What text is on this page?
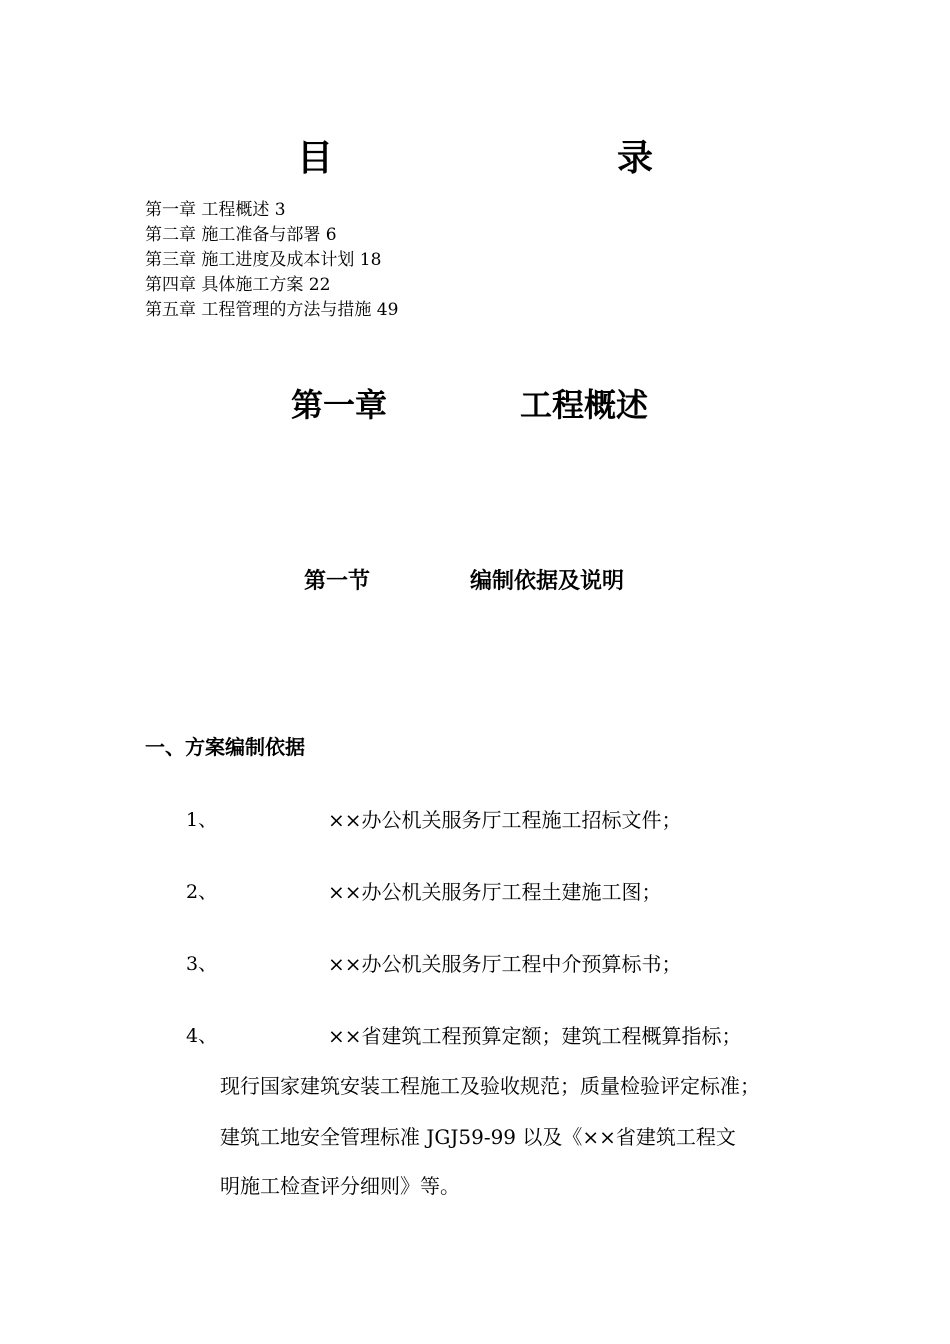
目	录
第一章 工程概述 3
第二章 施工准备与部署 6
第三章 施工进度及成本计划 18
第四章 具体施工方案 22
第五章 工程管理的方法与措施 49
第一章	工程概述
第一节	编制依据及说明
一、方案编制依据
1、	××办公机关服务厅工程施工招标文件；
2、	××办公机关服务厅工程土建施工图；
3、	××办公机关服务厅工程中介预算标书；
4、	××省建筑工程预算定额；建筑工程概算指标；
现行国家建筑安装工程施工及验收规范；质量检验评定标准；
建筑工地安全管理标准 JGJ59-99 以及《××省建筑工程文
明施工检查评分细则》等。
